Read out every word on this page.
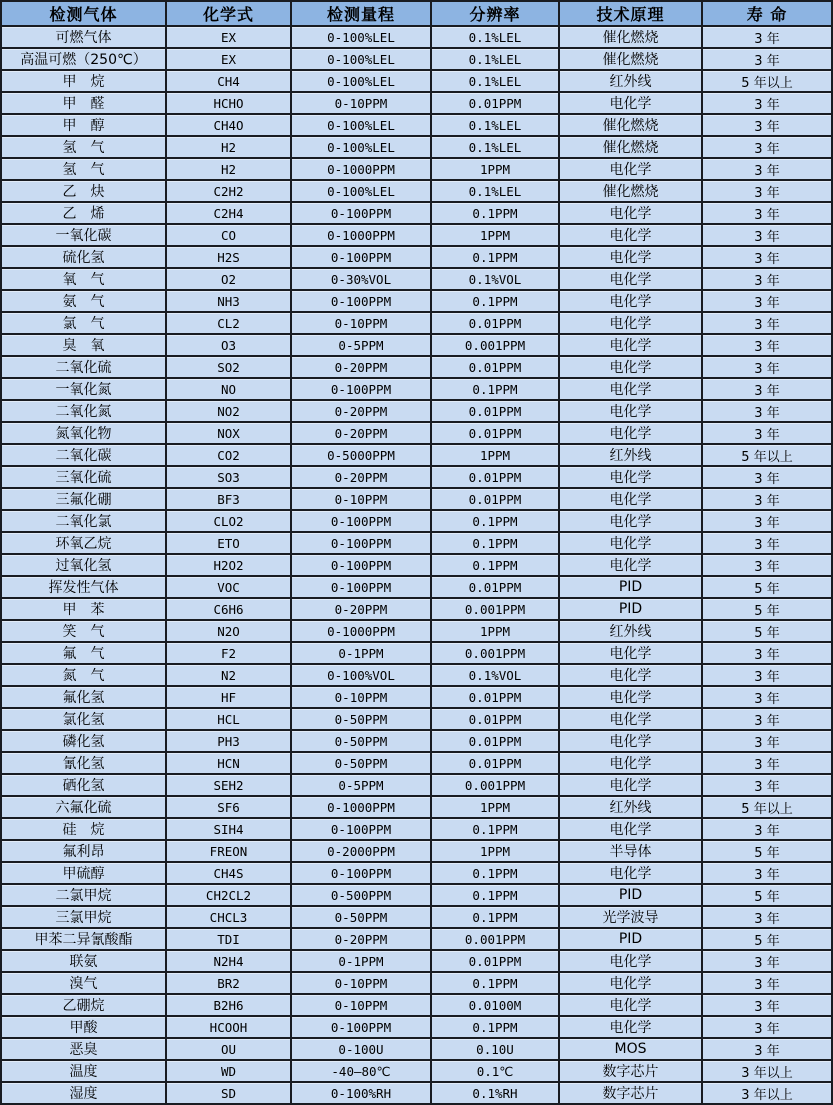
检测气体	化学式	检测量程	分辨率	技术原理	寿 命
可燃气体	EX	0-100%LEL	0.1%LEL	催化燃烧	3 年
高温可燃（250℃）	EX	0-100%LEL	0.1%LEL	催化燃烧	3 年
甲　烷	CH4	0-100%LEL	0.1%LEL	红外线	5 年以上
甲　醛	HCHO	0-10PPM	0.01PPM	电化学	3 年
甲　醇	CH4O	0-100%LEL	0.1%LEL	催化燃烧	3 年
氢　气	H2	0-100%LEL	0.1%LEL	催化燃烧	3 年
氢　气	H2	0-1000PPM	1PPM	电化学	3 年
乙　炔	C2H2	0-100%LEL	0.1%LEL	催化燃烧	3 年
乙　烯	C2H4	0-100PPM	0.1PPM	电化学	3 年
一氧化碳	CO	0-1000PPM	1PPM	电化学	3 年
硫化氢	H2S	0-100PPM	0.1PPM	电化学	3 年
氧　气	O2	0-30%VOL	0.1%VOL	电化学	3 年
氨　气	NH3	0-100PPM	0.1PPM	电化学	3 年
氯　气	CL2	0-10PPM	0.01PPM	电化学	3 年
臭　氧	O3	0-5PPM	0.001PPM	电化学	3 年
二氧化硫	SO2	0-20PPM	0.01PPM	电化学	3 年
一氧化氮	NO	0-100PPM	0.1PPM	电化学	3 年
二氧化氮	NO2	0-20PPM	0.01PPM	电化学	3 年
氮氧化物	NOX	0-20PPM	0.01PPM	电化学	3 年
二氧化碳	CO2	0-5000PPM	1PPM	红外线	5 年以上
三氧化硫	SO3	0-20PPM	0.01PPM	电化学	3 年
三氟化硼	BF3	0-10PPM	0.01PPM	电化学	3 年
二氧化氯	CLO2	0-100PPM	0.1PPM	电化学	3 年
环氧乙烷	ETO	0-100PPM	0.1PPM	电化学	3 年
过氧化氢	H2O2	0-100PPM	0.1PPM	电化学	3 年
挥发性气体	VOC	0-100PPM	0.01PPM	PID	5 年
甲　苯	C6H6	0-20PPM	0.001PPM	PID	5 年
笑　气	N2O	0-1000PPM	1PPM	红外线	5 年
氟　气	F2	0-1PPM	0.001PPM	电化学	3 年
氮　气	N2	0-100%VOL	0.1%VOL	电化学	3 年
氟化氢	HF	0-10PPM	0.01PPM	电化学	3 年
氯化氢	HCL	0-50PPM	0.01PPM	电化学	3 年
磷化氢	PH3	0-50PPM	0.01PPM	电化学	3 年
氰化氢	HCN	0-50PPM	0.01PPM	电化学	3 年
硒化氢	SEH2	0-5PPM	0.001PPM	电化学	3 年
六氟化硫	SF6	0-1000PPM	1PPM	红外线	5 年以上
硅　烷	SIH4	0-100PPM	0.1PPM	电化学	3 年
氟利昂	FREON	0-2000PPM	1PPM	半导体	5 年
甲硫醇	CH4S	0-100PPM	0.1PPM	电化学	3 年
二氯甲烷	CH2CL2	0-500PPM	0.1PPM	PID	5 年
三氯甲烷	CHCL3	0-50PPM	0.1PPM	光学波导	3 年
甲苯二异氰酸酯	TDI	0-20PPM	0.001PPM	PID	5 年
联氨	N2H4	0-1PPM	0.01PPM	电化学	3 年
溴气	BR2	0-10PPM	0.1PPM	电化学	3 年
乙硼烷	B2H6	0-10PPM	0.0100M	电化学	3 年
甲酸	HCOOH	0-100PPM	0.1PPM	电化学	3 年
恶臭	OU	0-100U	0.10U	MOS	3 年
温度	WD	-40—80℃	0.1℃	数字芯片	3 年以上
湿度	SD	0-100%RH	0.1%RH	数字芯片	3 年以上
